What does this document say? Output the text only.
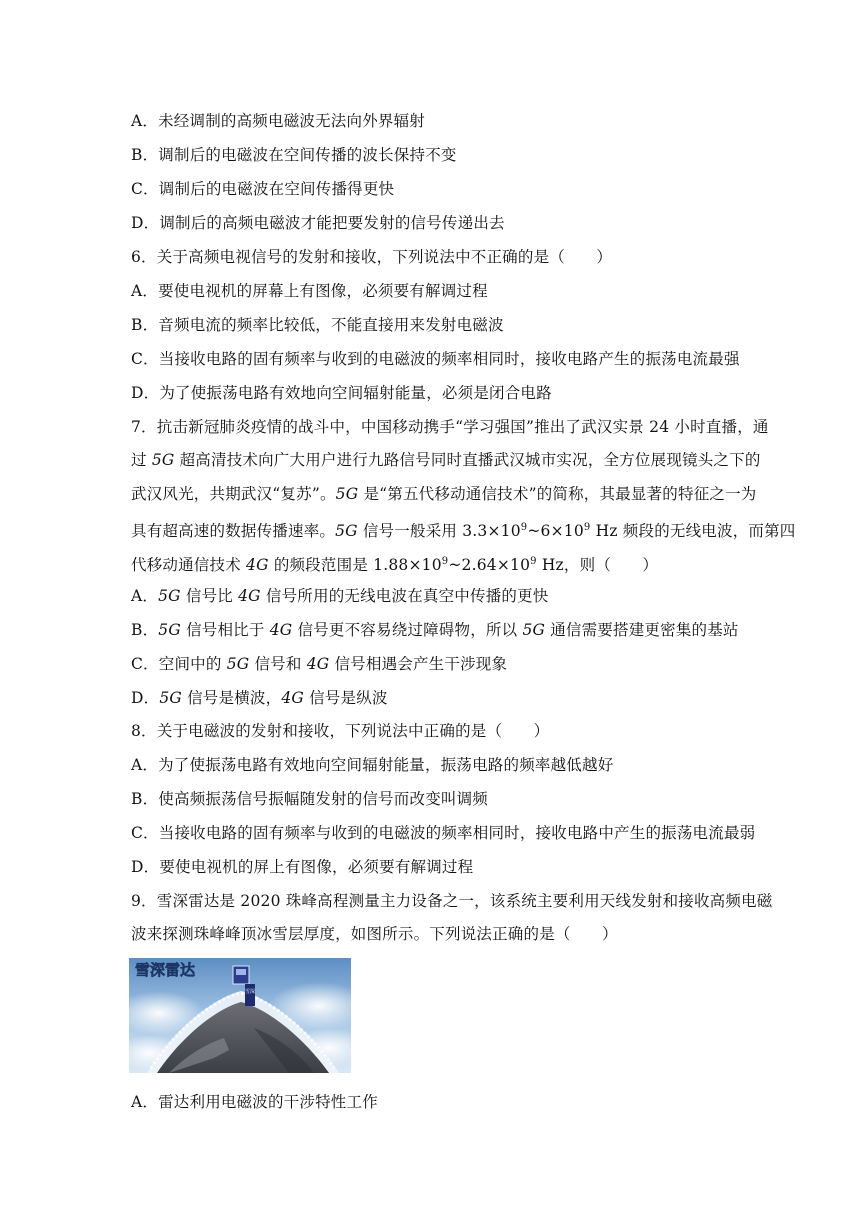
A．未经调制的高频电磁波无法向外界辐射
B．调制后的电磁波在空间传播的波长保持不变
C．调制后的电磁波在空间传播得更快
D．调制后的高频电磁波才能把要发射的信号传递出去
6．关于高频电视信号的发射和接收，下列说法中不正确的是（　　）
A．要使电视机的屏幕上有图像，必须要有解调过程
B．音频电流的频率比较低，不能直接用来发射电磁波
C．当接收电路的固有频率与收到的电磁波的频率相同时，接收电路产生的振荡电流最强
D．为了使振荡电路有效地向空间辐射能量，必须是闭合电路
7．抗击新冠肺炎疫情的战斗中，中国移动携手“学习强国”推出了武汉实景 24 小时直播，通
过 5G 超高清技术向广大用户进行九路信号同时直播武汉城市实况，全方位展现镜头之下的
武汉风光，共期武汉“复苏”。5G 是“第五代移动通信技术”的简称，其最显著的特征之一为
具有超高速的数据传播速率。5G 信号一般采用 $3.3\times 10^9\sim 6\times 10^9$ Hz 频段的无线电波，而第四
代移动通信技术 4G 的频段范围是 $1.88\times 10^9\sim 2.64\times 10^9$ Hz，则（　　）
A．5G 信号比 4G 信号所用的无线电波在真空中传播的更快
B．5G 信号相比于 4G 信号更不容易绕过障碍物，所以 5G 通信需要搭建更密集的基站
C．空间中的 5G 信号和 4G 信号相遇会产生干涉现象
D．5G 信号是横波，4G 信号是纵波
8．关于电磁波的发射和接收，下列说法中正确的是（　　）
A．为了使振荡电路有效地向空间辐射能量，振荡电路的频率越低越好
B．使高频振荡信号振幅随发射的信号而改变叫调频
C．当接收电路的固有频率与收到的电磁波的频率相同时，接收电路中产生的振荡电流最弱
D．要使电视机的屏上有图像，必须要有解调过程
9．雪深雷达是 2020 珠峰高程测量主力设备之一，该系统主要利用天线发射和接收高频电磁
波来探测珠峰峰顶冰雪层厚度，如图所示。下列说法正确的是（　　）
雪深
雪深雷达
A．雷达利用电磁波的干涉特性工作
